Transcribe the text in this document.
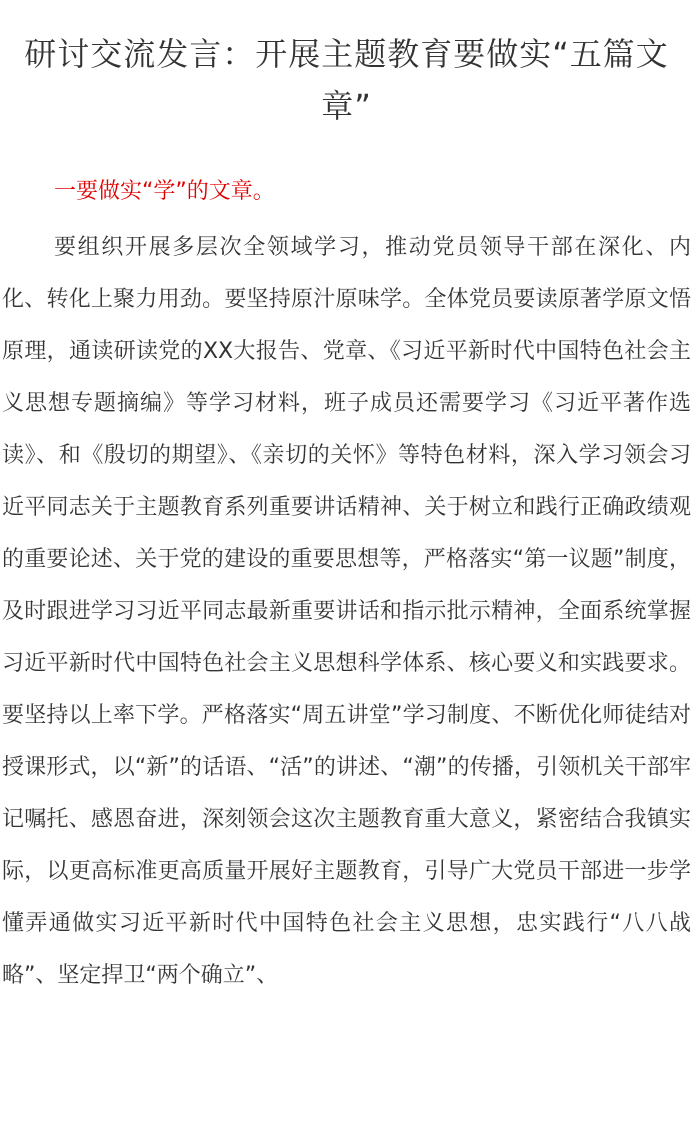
研讨交流发言：开展主题教育要做实“五篇文章”

一要做实“学”的文章。

要组织开展多层次全领域学习，推动党员领导干部在深化、内化、转化上聚力用劲。要坚持原汁原味学。全体党员要读原著学原文悟原理，通读研读党的XX大报告、党章、《习近平新时代中国特色社会主义思想专题摘编》等学习材料，班子成员还需要学习《习近平著作选读》、和《殷切的期望》、《亲切的关怀》等特色材料，深入学习领会习近平同志关于主题教育系列重要讲话精神、关于树立和践行正确政绩观的重要论述、关于党的建设的重要思想等，严格落实“第一议题”制度，及时跟进学习习近平同志最新重要讲话和指示批示精神，全面系统掌握习近平新时代中国特色社会主义思想科学体系、核心要义和实践要求。要坚持以上率下学。严格落实“周五讲堂”学习制度、不断优化师徒结对授课形式，以“新”的话语、“活”的讲述、“潮”的传播，引领机关干部牢记嘱托、感恩奋进，深刻领会这次主题教育重大意义，紧密结合我镇实际，以更高标准更高质量开展好主题教育，引导广大党员干部进一步学懂弄通做实习近平新时代中国特色社会主义思想，忠实践行“八八战略”、坚定捍卫“两个确立”、
